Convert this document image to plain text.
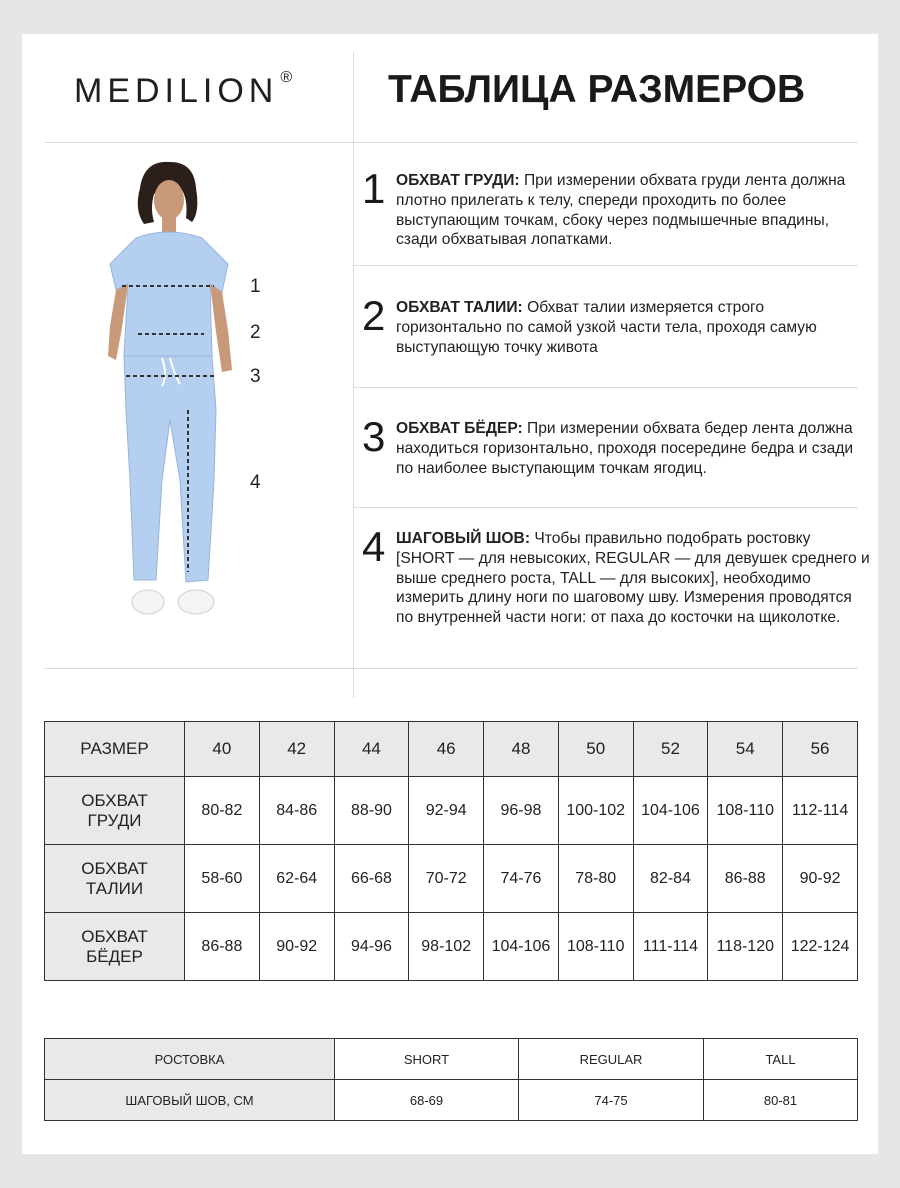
MEDILION ® ТАБЛИЦА РАЗМЕРОВ
1
2
3
4
1 ОБХВАТ ГРУДИ: При измерении обхвата груди лента должна плотно прилегать к телу, спереди проходить по более выступающим точкам, сбоку через подмышечные впадины, сзади обхватывая лопатками.
2 ОБХВАТ ТАЛИИ: Обхват талии измеряется строго горизонтально по самой узкой части тела, проходя самую выступающую точку живота
3 ОБХВАТ БЁДЕР: При измерении обхвата бедер лента должна находиться горизонтально, проходя посередине бедра и сзади по наиболее выступающим точкам ягодиц.
4 ШАГОВЫЙ ШОВ: Чтобы правильно подобрать ростовку [SHORT — для невысоких, REGULAR — для девушек среднего и выше среднего роста, TALL — для высоких], необходимо измерить длину ноги по шаговому шву. Измерения проводятся по внутренней части ноги: от паха до косточки на щиколотке.
РАЗМЕР	40	42	44	46	48	50	52	54	56

ОБХВАТ
ГРУДИ	80-82	84-86	88-90	92-94	96-98	100-102	104-106	108-110	112-114

ОБХВАТ
ТАЛИИ	58-60	62-64	66-68	70-72	74-76	78-80	82-84	86-88	90-92

ОБХВАТ
БЁДЕР	86-88	90-92	94-96	98-102	104-106	108-110	111-114	118-120	122-124
РОСТОВКА	SHORT	REGULAR	TALL
ШАГОВЫЙ ШОВ, СМ	68-69	74-75	80-81
